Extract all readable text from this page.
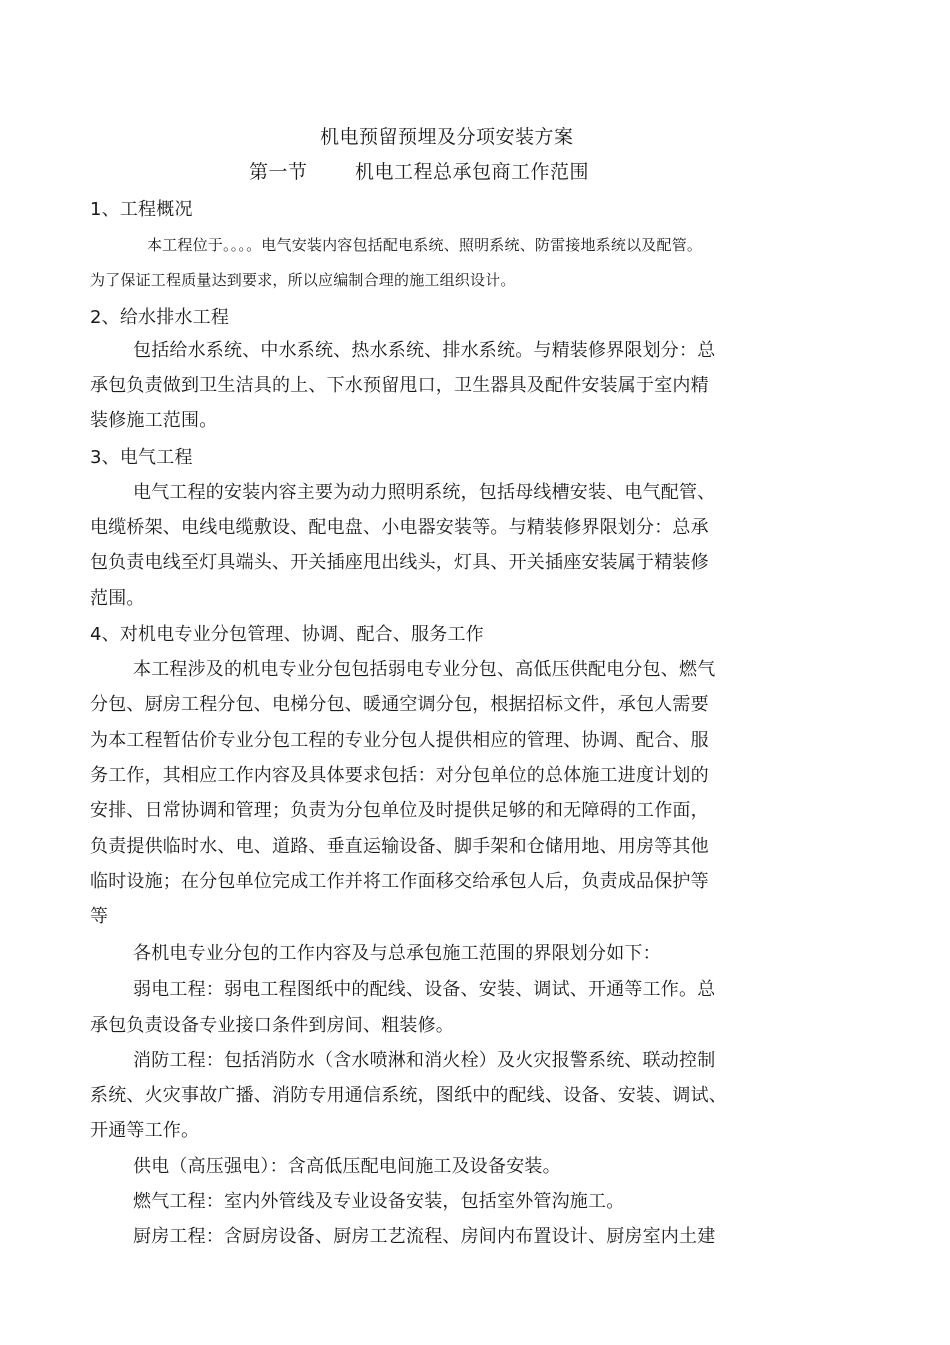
机电预留预埋及分项安装方案
第一节 机电工程总承包商工作范围
1、工程概况
本工程位于。。。。电气安装内容包括配电系统、照明系统、防雷接地系统以及配管。
为了保证工程质量达到要求，所以应编制合理的施工组织设计。
2、给水排水工程
包括给水系统、中水系统、热水系统、排水系统。与精装修界限划分：总
承包负责做到卫生洁具的上、下水预留甩口，卫生器具及配件安装属于室内精
装修施工范围。
3、电气工程
电气工程的安装内容主要为动力照明系统，包括母线槽安装、电气配管、
电缆桥架、电线电缆敷设、配电盘、小电器安装等。与精装修界限划分：总承
包负责电线至灯具端头、开关插座甩出线头，灯具、开关插座安装属于精装修
范围。
4、对机电专业分包管理、协调、配合、服务工作
本工程涉及的机电专业分包包括弱电专业分包、高低压供配电分包、燃气
分包、厨房工程分包、电梯分包、暖通空调分包，根据招标文件，承包人需要
为本工程暂估价专业分包工程的专业分包人提供相应的管理、协调、配合、服
务工作，其相应工作内容及具体要求包括：对分包单位的总体施工进度计划的
安排、日常协调和管理；负责为分包单位及时提供足够的和无障碍的工作面，
负责提供临时水、电、道路、垂直运输设备、脚手架和仓储用地、用房等其他
临时设施；在分包单位完成工作并将工作面移交给承包人后，负责成品保护等
等
各机电专业分包的工作内容及与总承包施工范围的界限划分如下：
弱电工程：弱电工程图纸中的配线、设备、安装、调试、开通等工作。总
承包负责设备专业接口条件到房间、粗装修。
消防工程：包括消防水（含水喷淋和消火栓）及火灾报警系统、联动控制
系统、火灾事故广播、消防专用通信系统，图纸中的配线、设备、安装、调试、
开通等工作。
供电（高压强电）：含高低压配电间施工及设备安装。
燃气工程：室内外管线及专业设备安装，包括室外管沟施工。
厨房工程：含厨房设备、厨房工艺流程、房间内布置设计、厨房室内土建
